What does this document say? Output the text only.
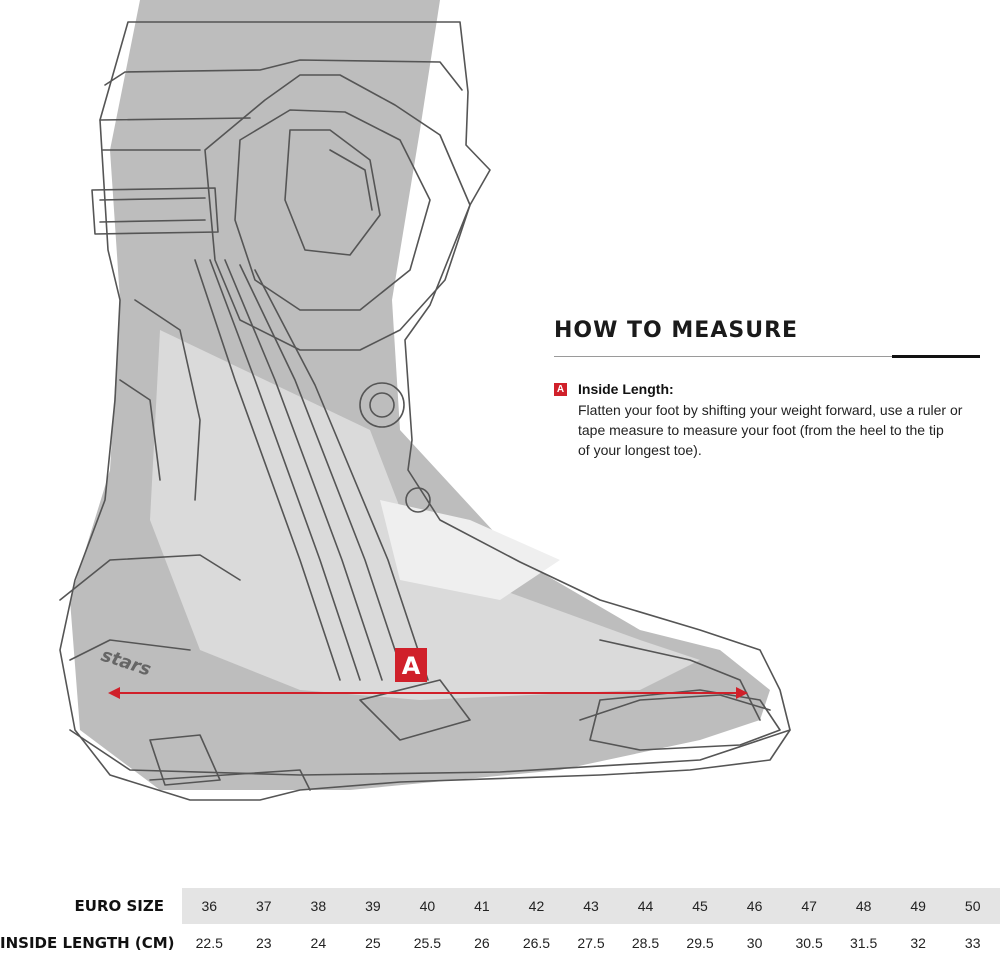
stars	A
HOW TO MEASURE
A Inside Length:
Flatten your foot by shifting your weight forward, use a ruler or
tape measure to measure your foot (from the heel to the tip
of your longest toe).
EURO SIZE	36	37	38	39	40	41	42	43	44	45	46	47	48	49	50
INSIDE LENGTH (CM)	22.5	23	24	25	25.5	26	26.5	27.5	28.5	29.5	30	30.5	31.5	32	33
